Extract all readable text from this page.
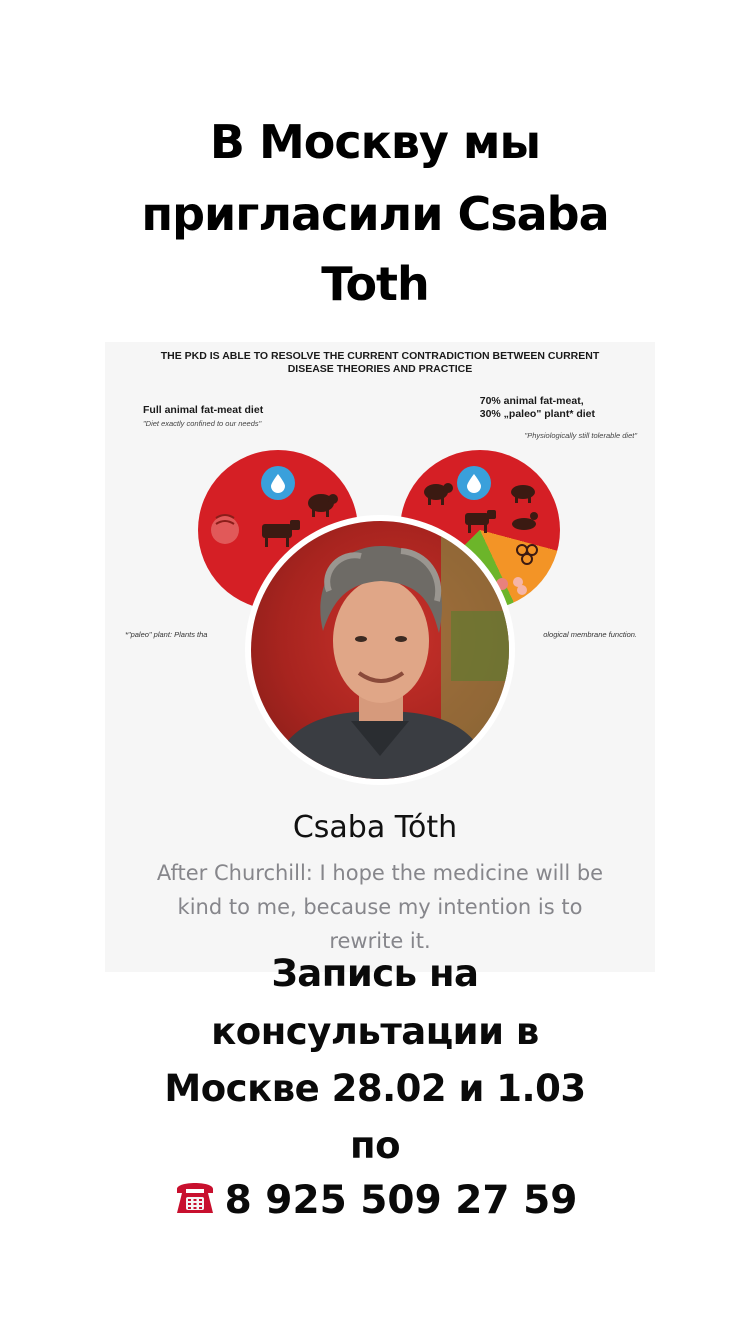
В Москву мы
пригласили Csaba
Toth
THE PKD IS ABLE TO RESOLVE THE CURRENT CONTRADICTION BETWEEN CURRENT
DISEASE THEORIES AND PRACTICE
Full animal fat-meat diet
"Diet exactly confined to our needs"
70% animal fat-meat,
30% „paleo" plant* diet
"Physiologically still tolerable diet"
*"paleo" plant: Plants tha	ological membrane function.
Csaba Tóth
After Churchill: I hope the medicine will be
kind to me, because my intention is to
rewrite it.
Запись на
консультации в
Москве 28.02 и 1.03
по
8 925 509 27 59
